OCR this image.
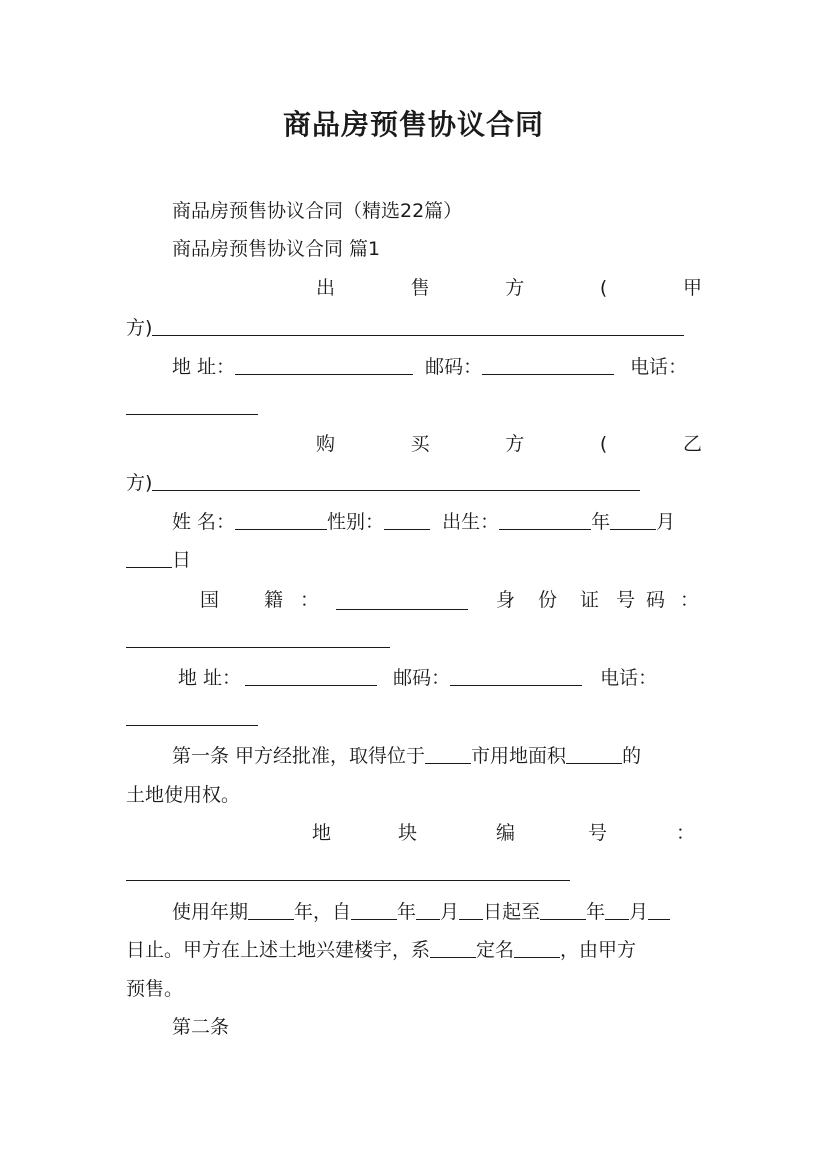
商品房预售协议合同
商品房预售协议合同（精选22篇）
商品房预售协议合同 篇1
出	售	方	(	甲
方)
地 址：	邮码：	电话：
购	买	方	(	乙
方)
姓 名：	性别：	出生：	年 月
日
国 籍 ：	身 份 证 号 码 ：
地 址：	邮码：	电话：
第一条 甲方经批准，取得位于 市用地面积	的
土地使用权。
地	块	编	号	：
使用年期 年，自 年 月 日起至 年 月
日止。甲方在上述土地兴建楼宇，系 定名 ，由甲方
预售。
第二条
